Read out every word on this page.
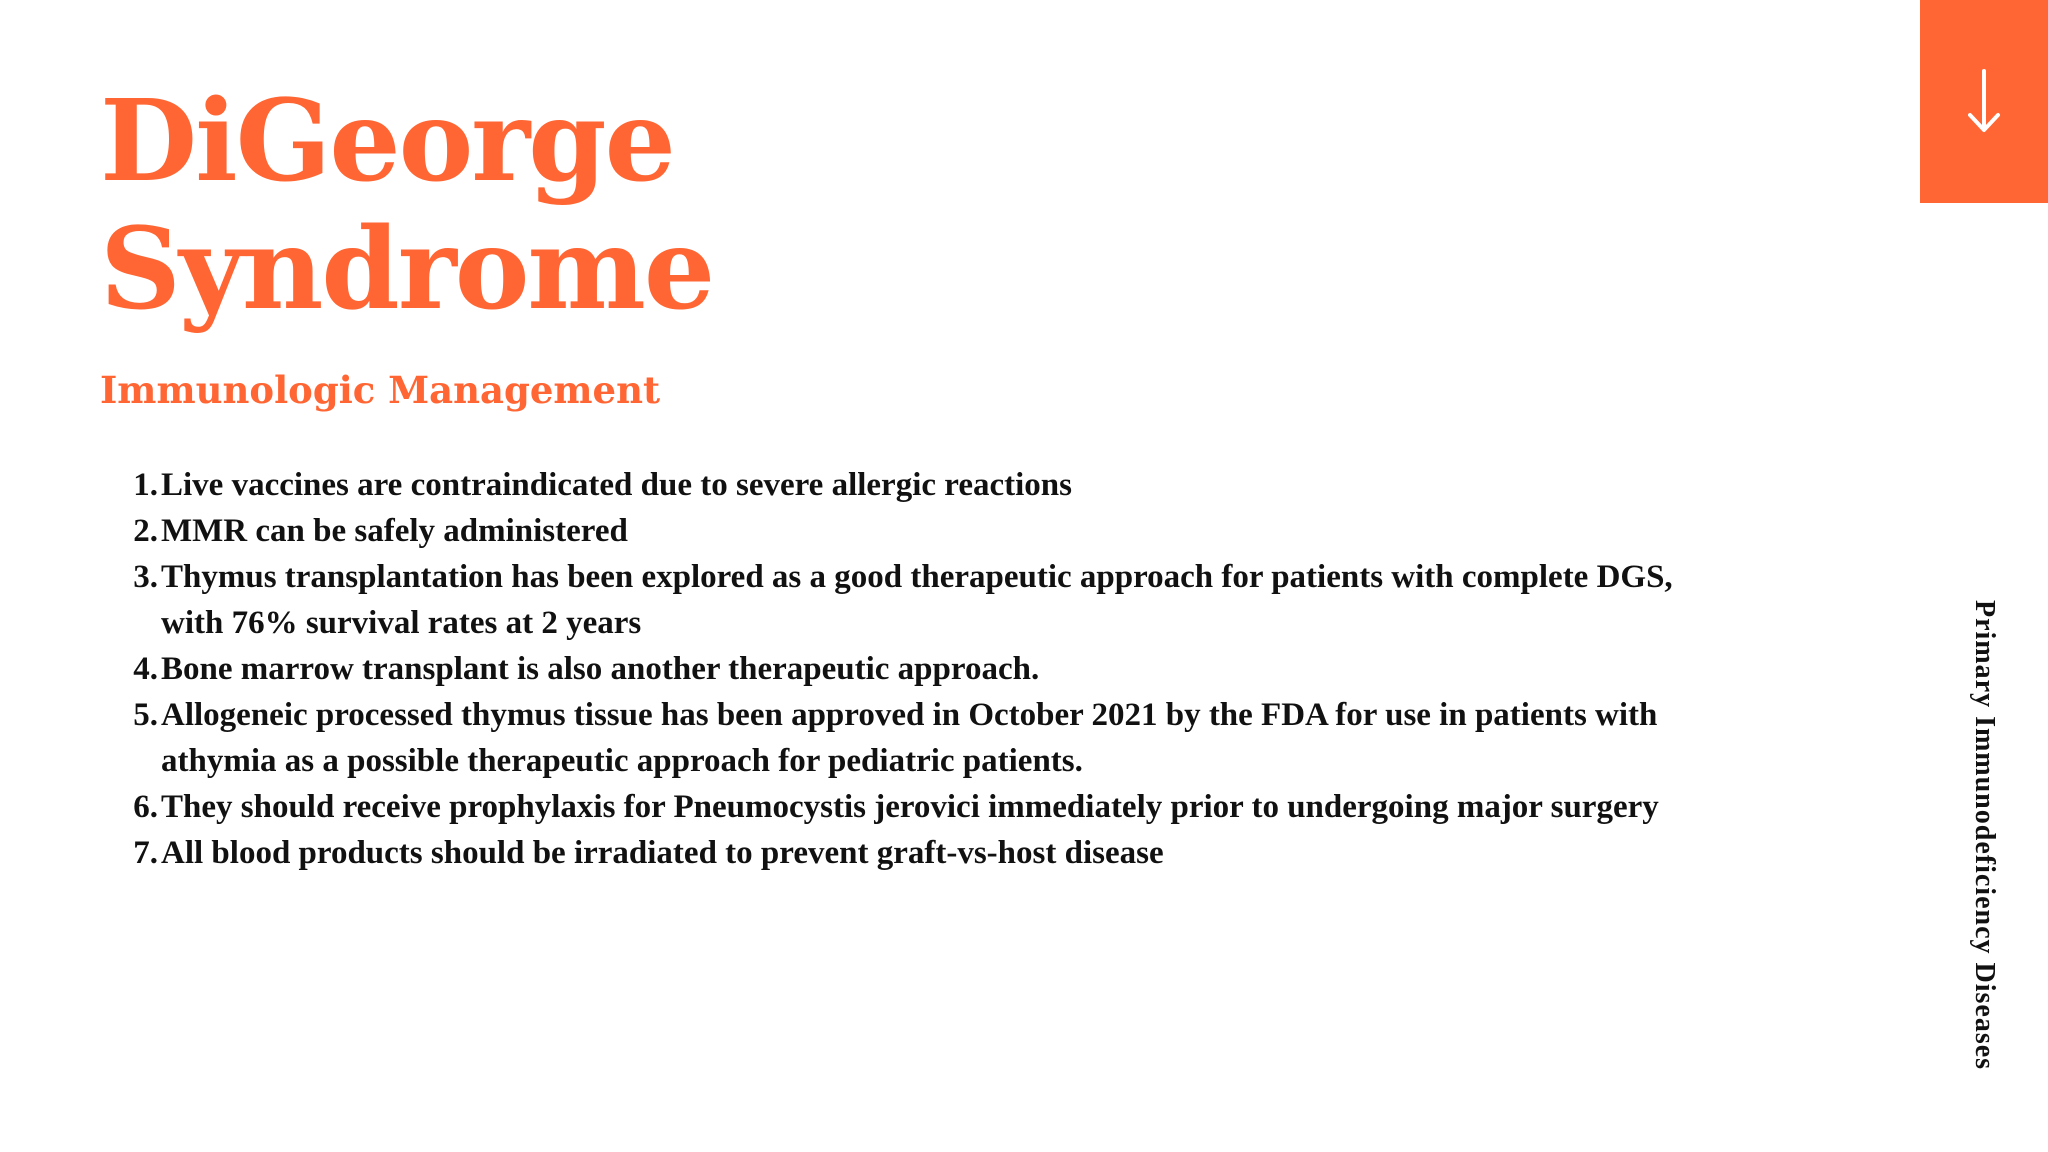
DiGeorge
Syndrome
Immunologic Management
1. Live vaccines are contraindicated due to severe allergic reactions
2. MMR can be safely administered
3. Thymus transplantation has been explored as a good therapeutic approach for patients with complete DGS, with 76% survival rates at 2 years
4. Bone marrow transplant is also another therapeutic approach.
5. Allogeneic processed thymus tissue has been approved in October 2021 by the FDA for use in patients with athymia as a possible therapeutic approach for pediatric patients.
6. They should receive prophylaxis for Pneumocystis jerovici immediately prior to undergoing major surgery
7. All blood products should be irradiated to prevent graft-vs-host disease	Primary Immunodeficiency Diseases
